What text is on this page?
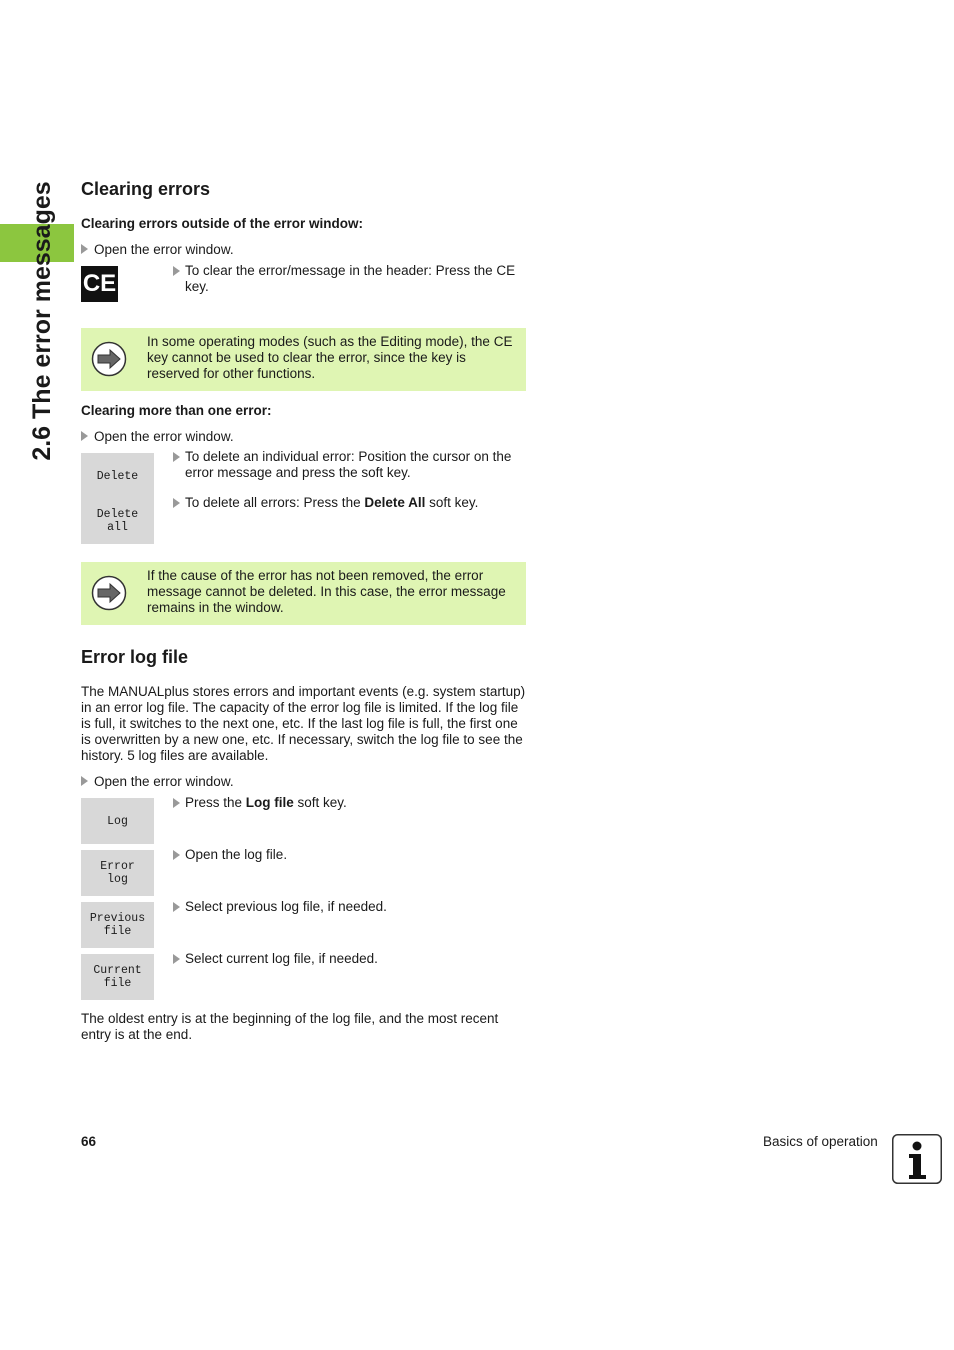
2.6 The error messages Clearing errors
Clearing errors outside of the error window:
Open the error window.
CE	To clear the error/message in the header: Press the CE key.
In some operating modes (such as the Editing mode), the CE key cannot be used to clear the error, since the key is reserved for other functions.
Clearing more than one error:
Open the error window.
Delete
Delete
all
To delete an individual error: Position the cursor on the error message and press the soft key.
To delete all errors: Press the Delete All soft key.
If the cause of the error has not been removed, the error message cannot be deleted. In this case, the error message remains in the window.
Error log file
The MANUALplus stores errors and important events (e.g. system startup) in an error log file. The capacity of the error log file is limited. If the log file is full, it switches to the next one, etc. If the last log file is full, the first one is overwritten by a new one, etc. If necessary, switch the log file to see the history. 5 log files are available.
Open the error window.
Log
Press the Log file soft key.
Error
log
Open the log file.
Previous
file
Select previous log file, if needed.
Current
file
Select current log file, if needed.
The oldest entry is at the beginning of the log file, and the most recent entry is at the end.
66	Basics of operation
